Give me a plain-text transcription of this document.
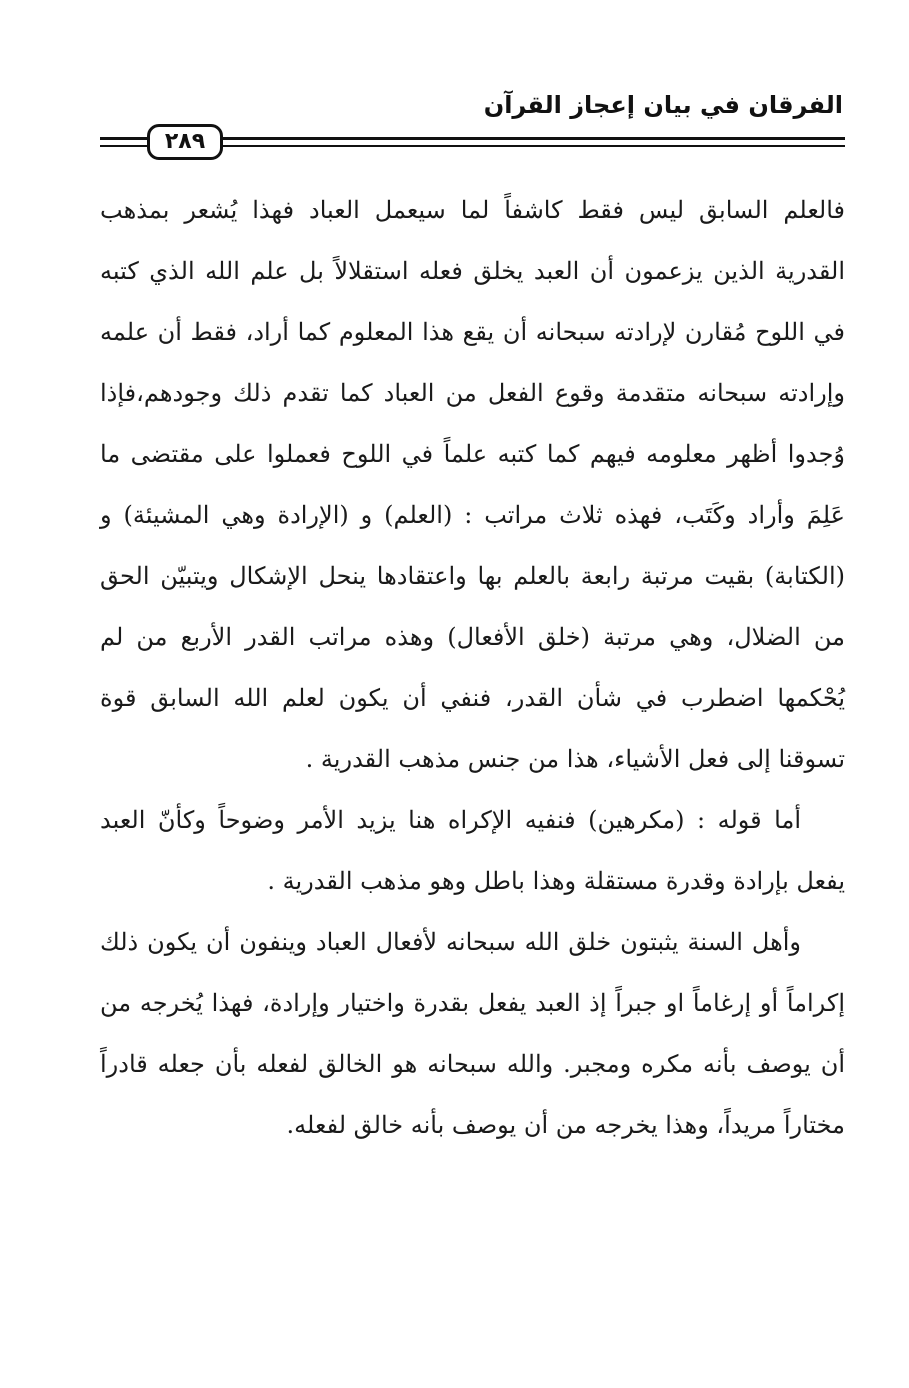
الفرقان في بيان إعجاز القرآن
٢٨٩

فالعلم السابق ليس فقط كاشفاً لما سيعمل العباد فهذا يُشعر بمذهب القدرية الذين يزعمون أن العبد يخلق فعله استقلالاً بل علم الله الذي كتبه في اللوح مُقارن لإرادته سبحانه أن يقع هذا المعلوم كما أراد، فقط أن علمه وإرادته سبحانه متقدمة وقوع الفعل من العباد كما تقدم ذلك وجودهم،فإذا وُجدوا أظهر معلومه فيهم كما كتبه علماً في اللوح فعملوا على مقتضى ما عَلِمَ وأراد وكَتَب، فهذه ثلاث مراتب : (العلم) و (الإرادة وهي المشيئة) و (الكتابة) بقيت مرتبة رابعة بالعلم بها واعتقادها ينحل الإشكال ويتبيّن الحق من الضلال، وهي مرتبة (خلق الأفعال) وهذه مراتب القدر الأربع من لم يُحْكمها اضطرب في شأن القدر، فنفي أن يكون لعلم الله السابق قوة تسوقنا إلى فعل الأشياء، هذا من جنس مذهب القدرية .

أما قوله : (مكرهين) فنفيه الإكراه هنا يزيد الأمر وضوحاً وكأنّ العبد يفعل بإرادة وقدرة مستقلة وهذا باطل وهو مذهب القدرية .

وأهل السنة يثبتون خلق الله سبحانه لأفعال العباد وينفون أن يكون ذلك إكراماً أو إرغاماً او جبراً إذ العبد يفعل بقدرة واختيار وإرادة، فهذا يُخرجه من أن يوصف بأنه مكره ومجبر. والله سبحانه هو الخالق لفعله بأن جعله قادراً مختاراً مريداً، وهذا يخرجه من أن يوصف بأنه خالق لفعله.
